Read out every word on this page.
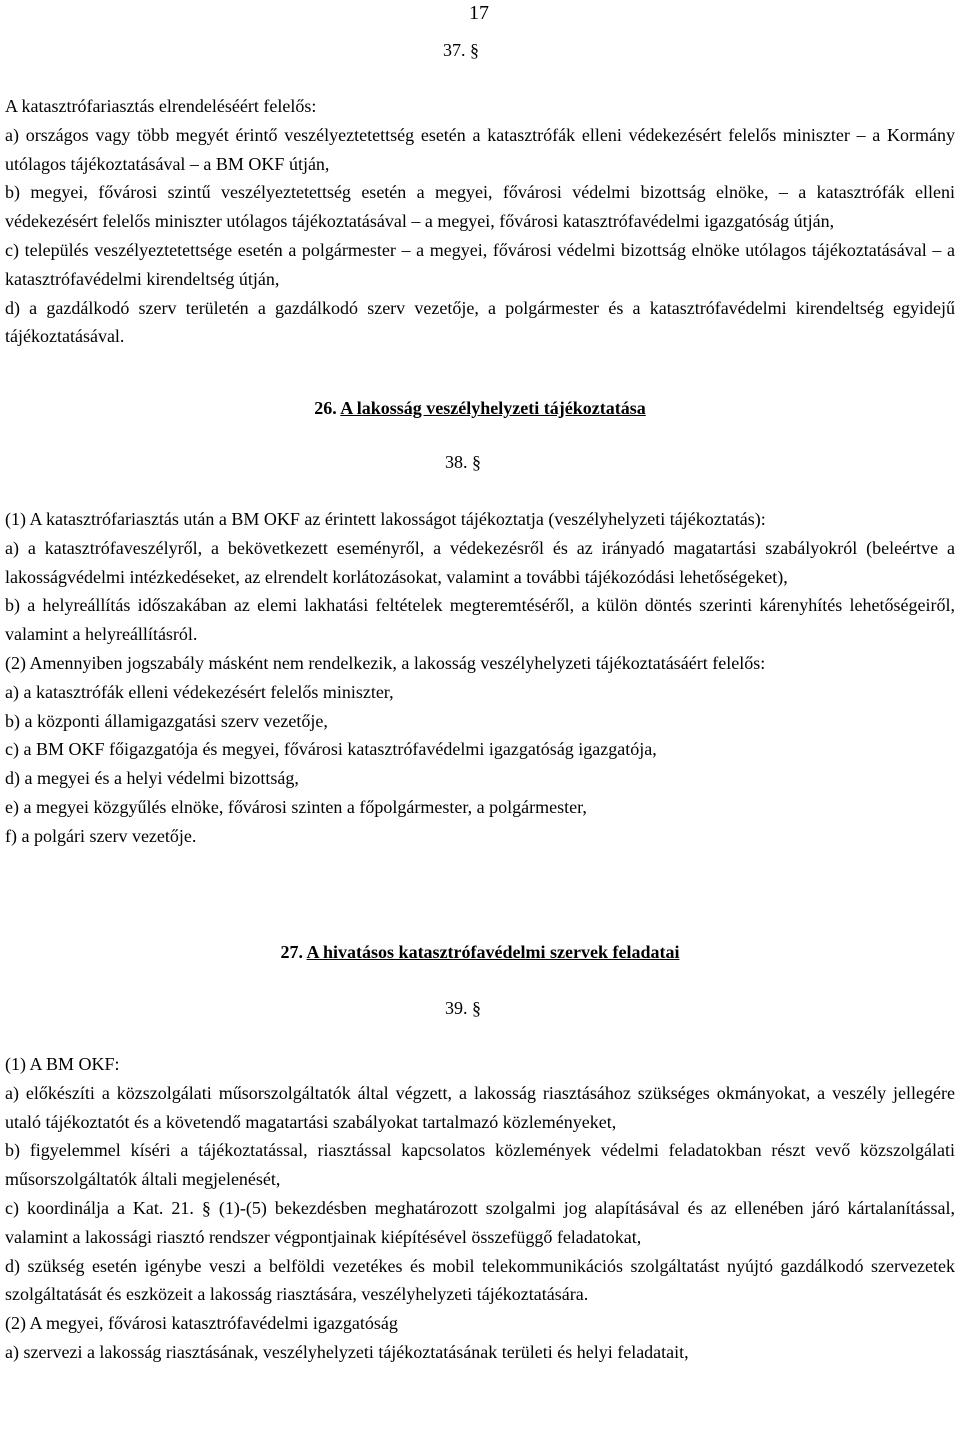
17
37. §

A katasztrófariasztás elrendeléséért felelős:

a) országos vagy több megyét érintő veszélyeztetettség esetén a katasztrófák elleni védekezésért felelős miniszter – a Kormány utólagos tájékoztatásával – a BM OKF útján,

b) megyei, fővárosi szintű veszélyeztetettség esetén a megyei, fővárosi védelmi bizottság elnöke, – a katasztrófák elleni védekezésért felelős miniszter utólagos tájékoztatásával – a megyei, fővárosi katasztrófavédelmi igazgatóság útján,

c) település veszélyeztetettsége esetén a polgármester – a megyei, fővárosi védelmi bizottság elnöke utólagos tájékoztatásával – a katasztrófavédelmi kirendeltség útján,

d) a gazdálkodó szerv területén a gazdálkodó szerv vezetője, a polgármester és a katasztrófavédelmi kirendeltség egyidejű tájékoztatásával.

26. A lakosság veszélyhelyzeti tájékoztatása
38. §

(1) A katasztrófariasztás után a BM OKF az érintett lakosságot tájékoztatja (veszélyhelyzeti tájékoztatás):

a) a katasztrófaveszélyről, a bekövetkezett eseményről, a védekezésről és az irányadó magatartási szabályokról (beleértve a lakosságvédelmi intézkedéseket, az elrendelt korlátozásokat, valamint a további tájékozódási lehetőségeket),

b) a helyreállítás időszakában az elemi lakhatási feltételek megteremtéséről, a külön döntés szerinti kárenyhítés lehetőségeiről, valamint a helyreállításról.

(2) Amennyiben jogszabály másként nem rendelkezik, a lakosság veszélyhelyzeti tájékoztatásáért felelős:

a) a katasztrófák elleni védekezésért felelős miniszter,

b) a központi államigazgatási szerv vezetője,

c) a BM OKF főigazgatója és megyei, fővárosi katasztrófavédelmi igazgatóság igazgatója,

d) a megyei és a helyi védelmi bizottság,

e) a megyei közgyűlés elnöke, fővárosi szinten a főpolgármester, a polgármester,

f) a polgári szerv vezetője.

27. A hivatásos katasztrófavédelmi szervek feladatai
39. §

(1) A BM OKF:

a) előkészíti a közszolgálati műsorszolgáltatók által végzett, a lakosság riasztásához szükséges okmányokat, a veszély jellegére utaló tájékoztatót és a követendő magatartási szabályokat tartalmazó közleményeket,

b) figyelemmel kíséri a tájékoztatással, riasztással kapcsolatos közlemények védelmi feladatokban részt vevő közszolgálati műsorszolgáltatók általi megjelenését,

c) koordinálja a Kat. 21. § (1)-(5) bekezdésben meghatározott szolgalmi jog alapításával és az ellenében járó kártalanítással, valamint a lakossági riasztó rendszer végpontjainak kiépítésével összefüggő feladatokat,

d) szükség esetén igénybe veszi a belföldi vezetékes és mobil telekommunikációs szolgáltatást nyújtó gazdálkodó szervezetek szolgáltatását és eszközeit a lakosság riasztására, veszélyhelyzeti tájékoztatására.

(2) A megyei, fővárosi katasztrófavédelmi igazgatóság

a) szervezi a lakosság riasztásának, veszélyhelyzeti tájékoztatásának területi és helyi feladatait,
